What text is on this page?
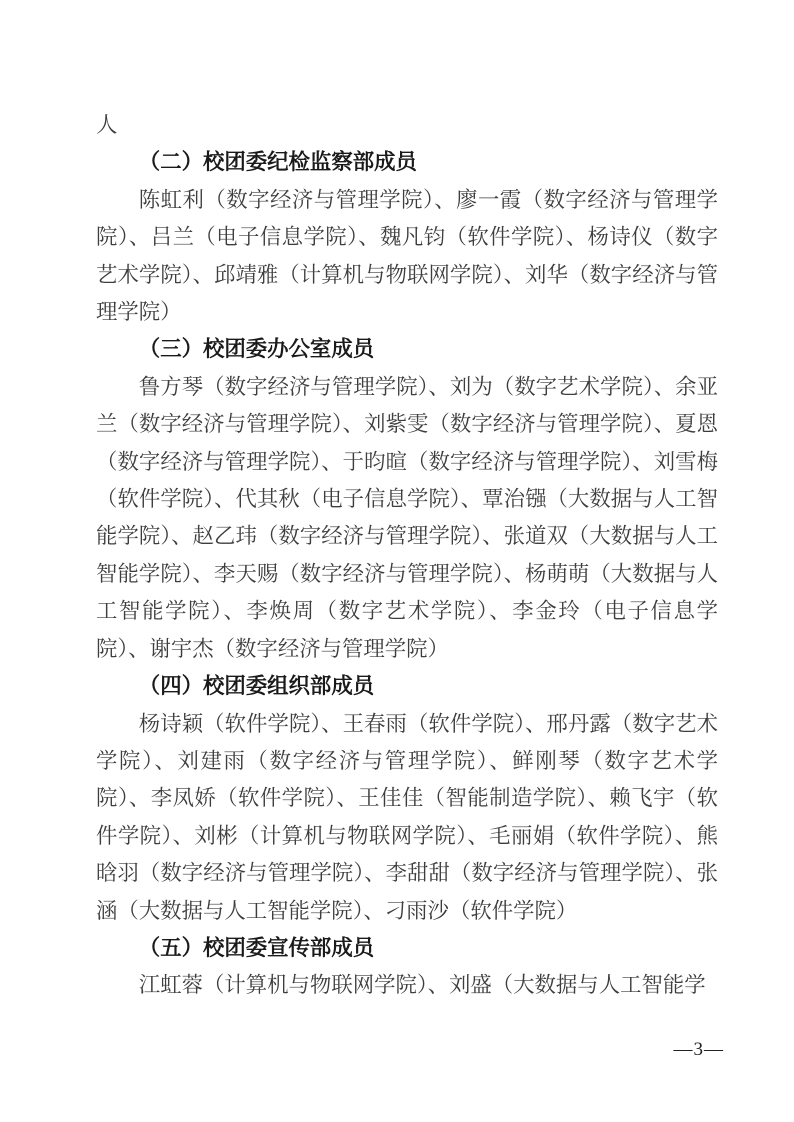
人

（二）校团委纪检监察部成员

陈虹利（数字经济与管理学院）、廖一霞（数字经济与管理学院）、吕兰（电子信息学院）、魏凡钧（软件学院）、杨诗仪（数字艺术学院）、邱靖雅（计算机与物联网学院）、刘华（数字经济与管理学院）

（三）校团委办公室成员

鲁方琴（数字经济与管理学院）、刘为（数字艺术学院）、余亚兰（数字经济与管理学院）、刘紫雯（数字经济与管理学院）、夏恩（数字经济与管理学院）、于昀暄（数字经济与管理学院）、刘雪梅（软件学院）、代其秋（电子信息学院）、覃治镪（大数据与人工智能学院）、赵乙玮（数字经济与管理学院）、张道双（大数据与人工智能学院）、李天赐（数字经济与管理学院）、杨萌萌（大数据与人工智能学院）、李焕周（数字艺术学院）、李金玲（电子信息学院）、谢宇杰（数字经济与管理学院）

（四）校团委组织部成员

杨诗颖（软件学院）、王春雨（软件学院）、邢丹露（数字艺术学院）、刘建雨（数字经济与管理学院）、鲜刚琴（数字艺术学院）、李凤娇（软件学院）、王佳佳（智能制造学院）、赖飞宇（软件学院）、刘彬（计算机与物联网学院）、毛丽娟（软件学院）、熊晗羽（数字经济与管理学院）、李甜甜（数字经济与管理学院）、张涵（大数据与人工智能学院）、刁雨沙（软件学院）

（五）校团委宣传部成员

江虹蓉（计算机与物联网学院）、刘盛（大数据与人工智能学

—3—
